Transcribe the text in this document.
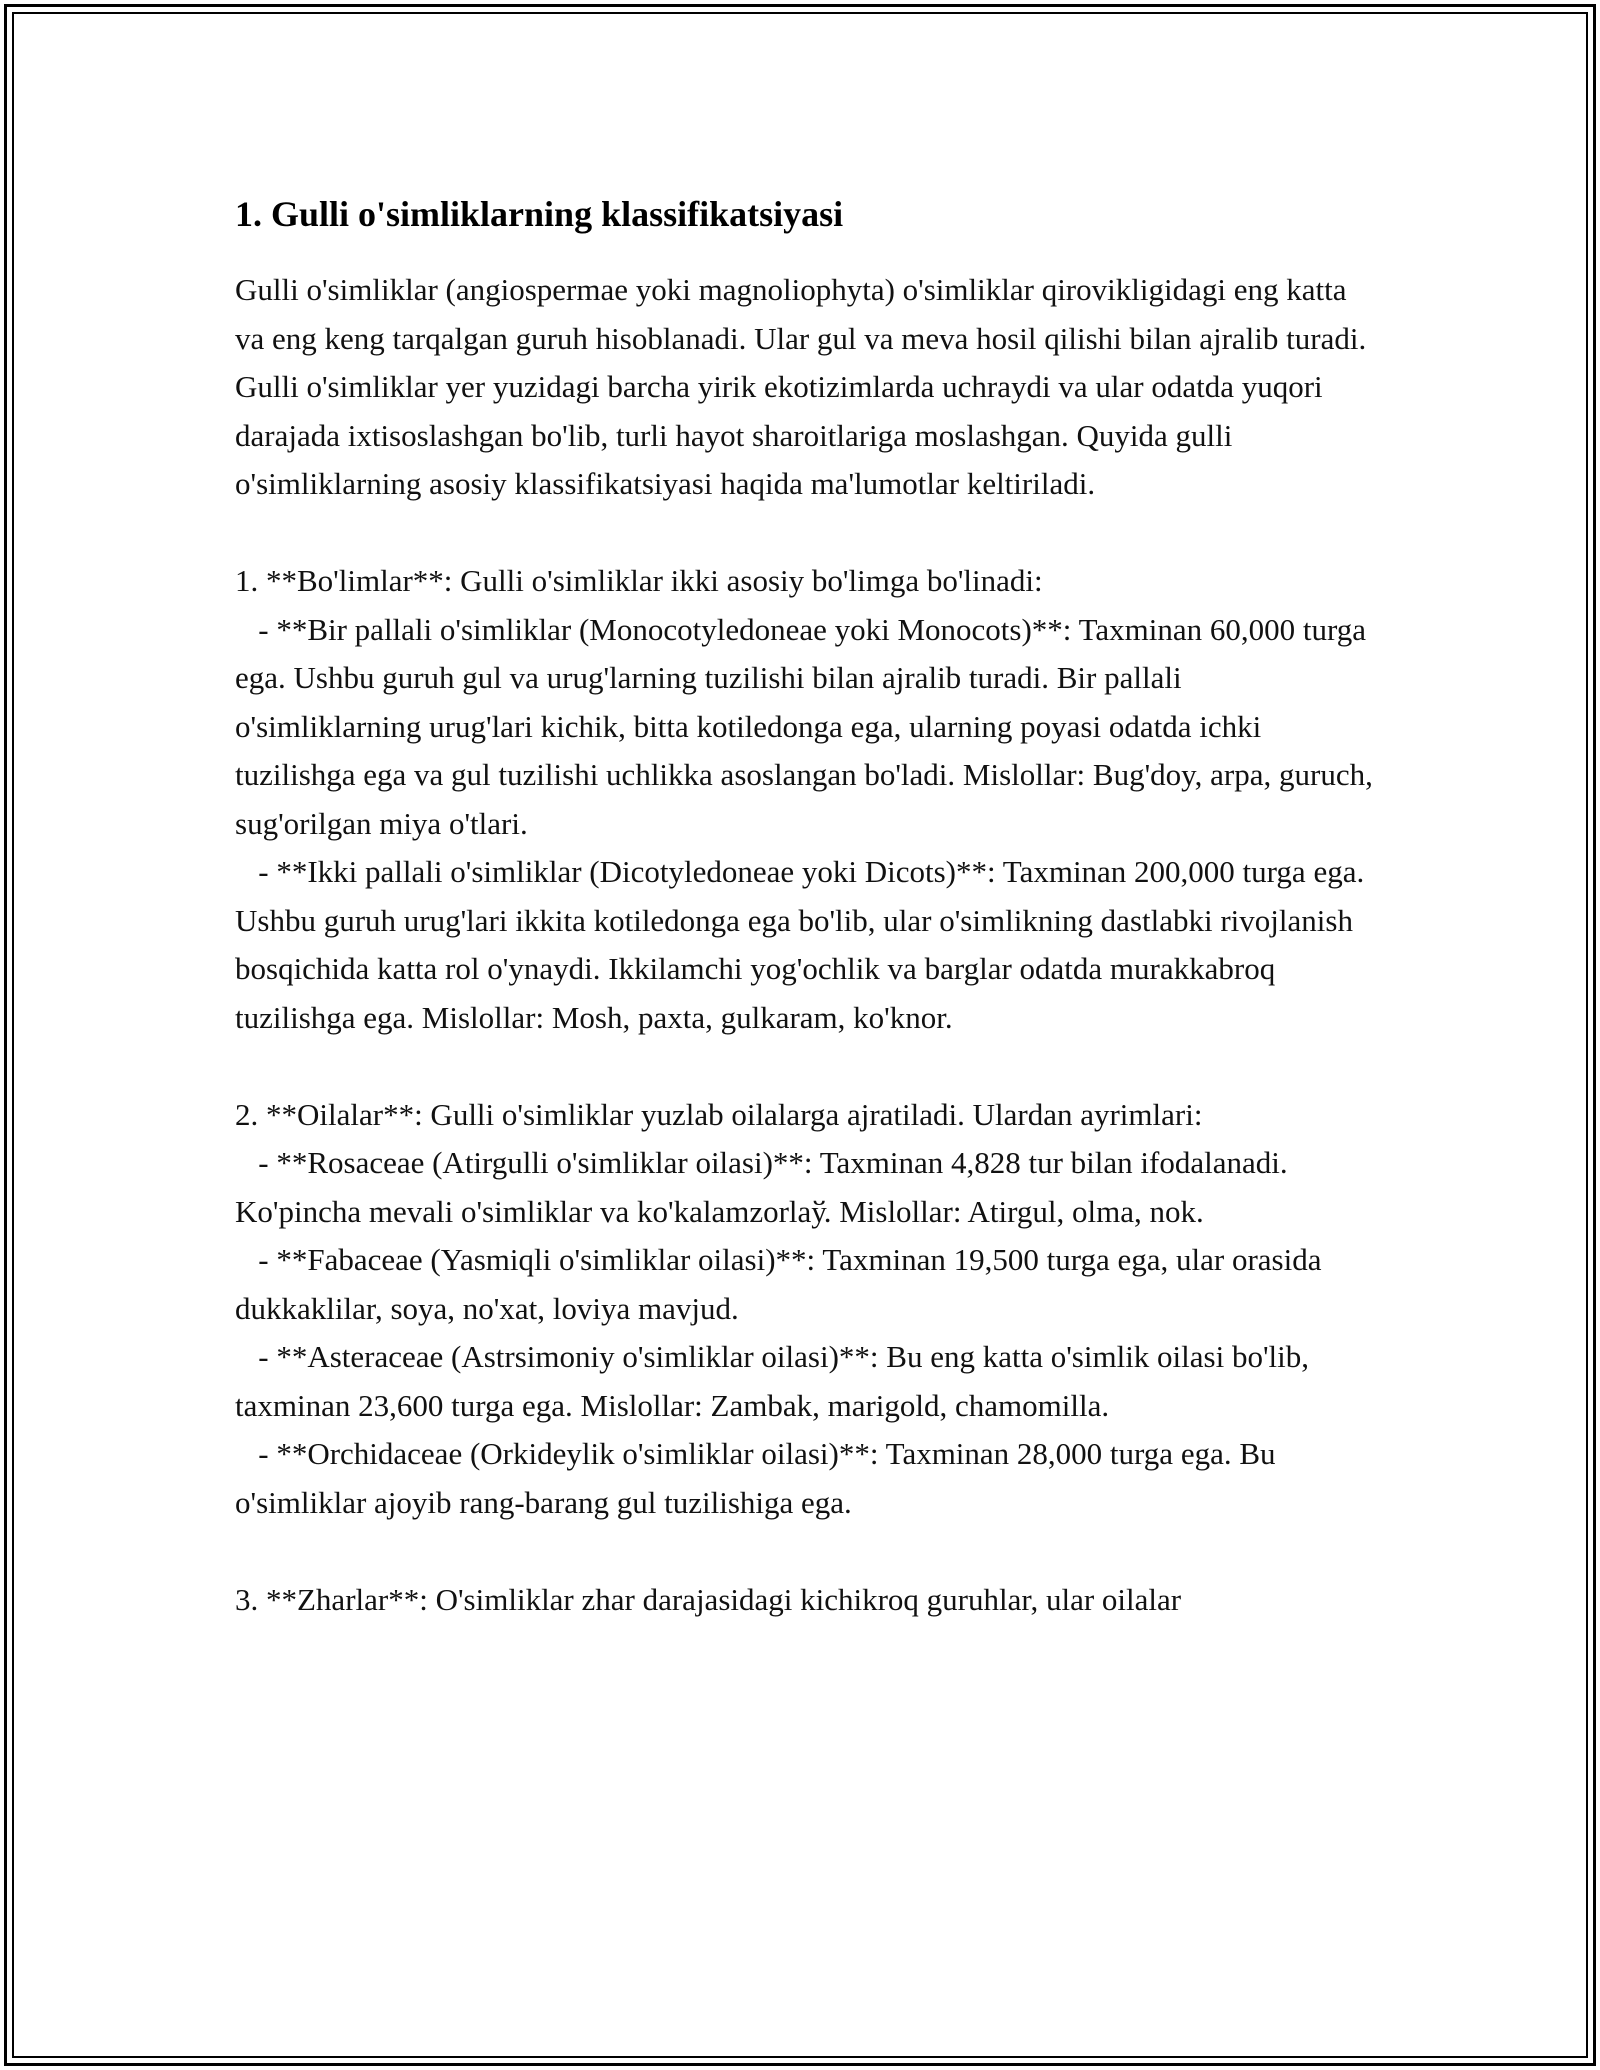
1. Gulli o'simliklarning klassifikatsiyasi

Gulli o'simliklar (angiospermae yoki magnoliophyta) o'simliklar qirovikligidagi eng katta va eng keng tarqalgan guruh hisoblanadi. Ular gul va meva hosil qilishi bilan ajralib turadi. Gulli o'simliklar yer yuzidagi barcha yirik ekotizimlarda uchraydi va ular odatda yuqori darajada ixtisoslashgan bo'lib, turli hayot sharoitlariga moslashgan. Quyida gulli o'simliklarning asosiy klassifikatsiyasi haqida ma'lumotlar keltiriladi.

1. **Bo'limlar**: Gulli o'simliklar ikki asosiy bo'limga bo'linadi:
- **Bir pallali o'simliklar (Monocotyledoneae yoki Monocots)**: Taxminan 60,000 turga ega. Ushbu guruh gul va urug'larning tuzilishi bilan ajralib turadi. Bir pallali o'simliklarning urug'lari kichik, bitta kotiledonga ega, ularning poyasi odatda ichki tuzilishga ega va gul tuzilishi uchlikka asoslangan bo'ladi. Mislollar: Bug'doy, arpa, guruch, sug'orilgan miya o'tlari.
- **Ikki pallali o'simliklar (Dicotyledoneae yoki Dicots)**: Taxminan 200,000 turga ega. Ushbu guruh urug'lari ikkita kotiledonga ega bo'lib, ular o'simlikning dastlabki rivojlanish bosqichida katta rol o'ynaydi. Ikkilamchi yog'ochlik va barglar odatda murakkabroq tuzilishga ega. Mislollar: Mosh, paxta, gulkaram, ko'knor.

2. **Oilalar**: Gulli o'simliklar yuzlab oilalarga ajratiladi. Ulardan ayrimlari:
- **Rosaceae (Atirgulli o'simliklar oilasi)**: Taxminan 4,828 tur bilan ifodalanadi. Ko'pincha mevali o'simliklar va ko'kalamzorlaў. Mislollar: Atirgul, olma, nok.
- **Fabaceae (Yasmiqli o'simliklar oilasi)**: Taxminan 19,500 turga ega, ular orasida dukkaklilar, soya, no'xat, loviya mavjud.
- **Asteraceae (Astrsimoniy o'simliklar oilasi)**: Bu eng katta o'simlik oilasi bo'lib, taxminan 23,600 turga ega. Mislollar: Zambak, marigold, chamomilla.
- **Orchidaceae (Orkideylik o'simliklar oilasi)**: Taxminan 28,000 turga ega. Bu o'simliklar ajoyib rang-barang gul tuzilishiga ega.

3. **Zharlar**: O'simliklar zhar darajasidagi kichikroq guruhlar, ular oilalar
